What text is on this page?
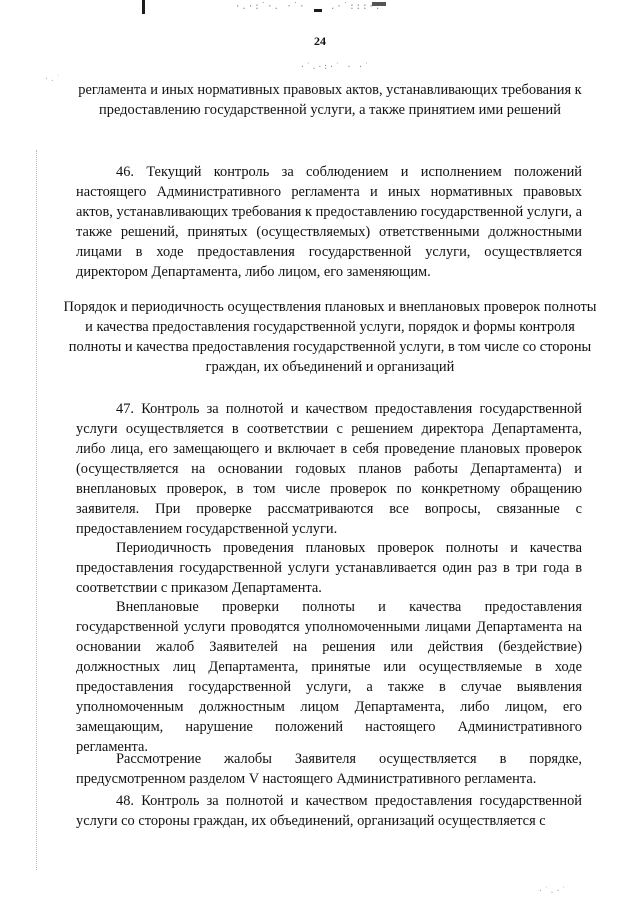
·.·:˙·. ·˙·	.·˙:::·.
·˙.·:·˙ · ·˙
·.˙
·˙.·˙
24
регламента и иных нормативных правовых актов, устанавливающих требования к предоставлению государственной услуги, а также принятием ими решений

46. Текущий контроль за соблюдением и исполнением положений настоящего Административного регламента и иных нормативных правовых актов, устанавливающих требования к предоставлению государственной услуги, а также решений, принятых (осуществляемых) ответственными должностными лицами в ходе предоставления государственной услуги, осуществляется директором Департамента, либо лицом, его заменяющим.

Порядок и периодичность осуществления плановых и внеплановых проверок полноты и качества предоставления государственной услуги, порядок и формы контроля полноты и качества предоставления государственной услуги, в том числе со стороны граждан, их объединений и организаций

47. Контроль за полнотой и качеством предоставления государственной услуги осуществляется в соответствии с решением директора Департамента, либо лица, его замещающего и включает в себя проведение плановых проверок (осуществляется на основании годовых планов работы Департамента) и внеплановых проверок, в том числе проверок по конкретному обращению заявителя. При проверке рассматриваются все вопросы, связанные с предоставлением государственной услуги.

Периодичность проведения плановых проверок полноты и качества предоставления государственной услуги устанавливается один раз в три года в соответствии с приказом Департамента.

Внеплановые проверки полноты и качества предоставления государственной услуги проводятся уполномоченными лицами Департамента на основании жалоб Заявителей на решения или действия (бездействие) должностных лиц Департамента, принятые или осуществляемые в ходе предоставления государственной услуги, а также в случае выявления уполномоченным должностным лицом Департамента, либо лицом, его замещающим, нарушение положений настоящего Административного регламента.

Рассмотрение жалобы Заявителя осуществляется в порядке, предусмотренном разделом V настоящего Административного регламента.

48. Контроль за полнотой и качеством предоставления государственной услуги со стороны граждан, их объединений, организаций осуществляется с
